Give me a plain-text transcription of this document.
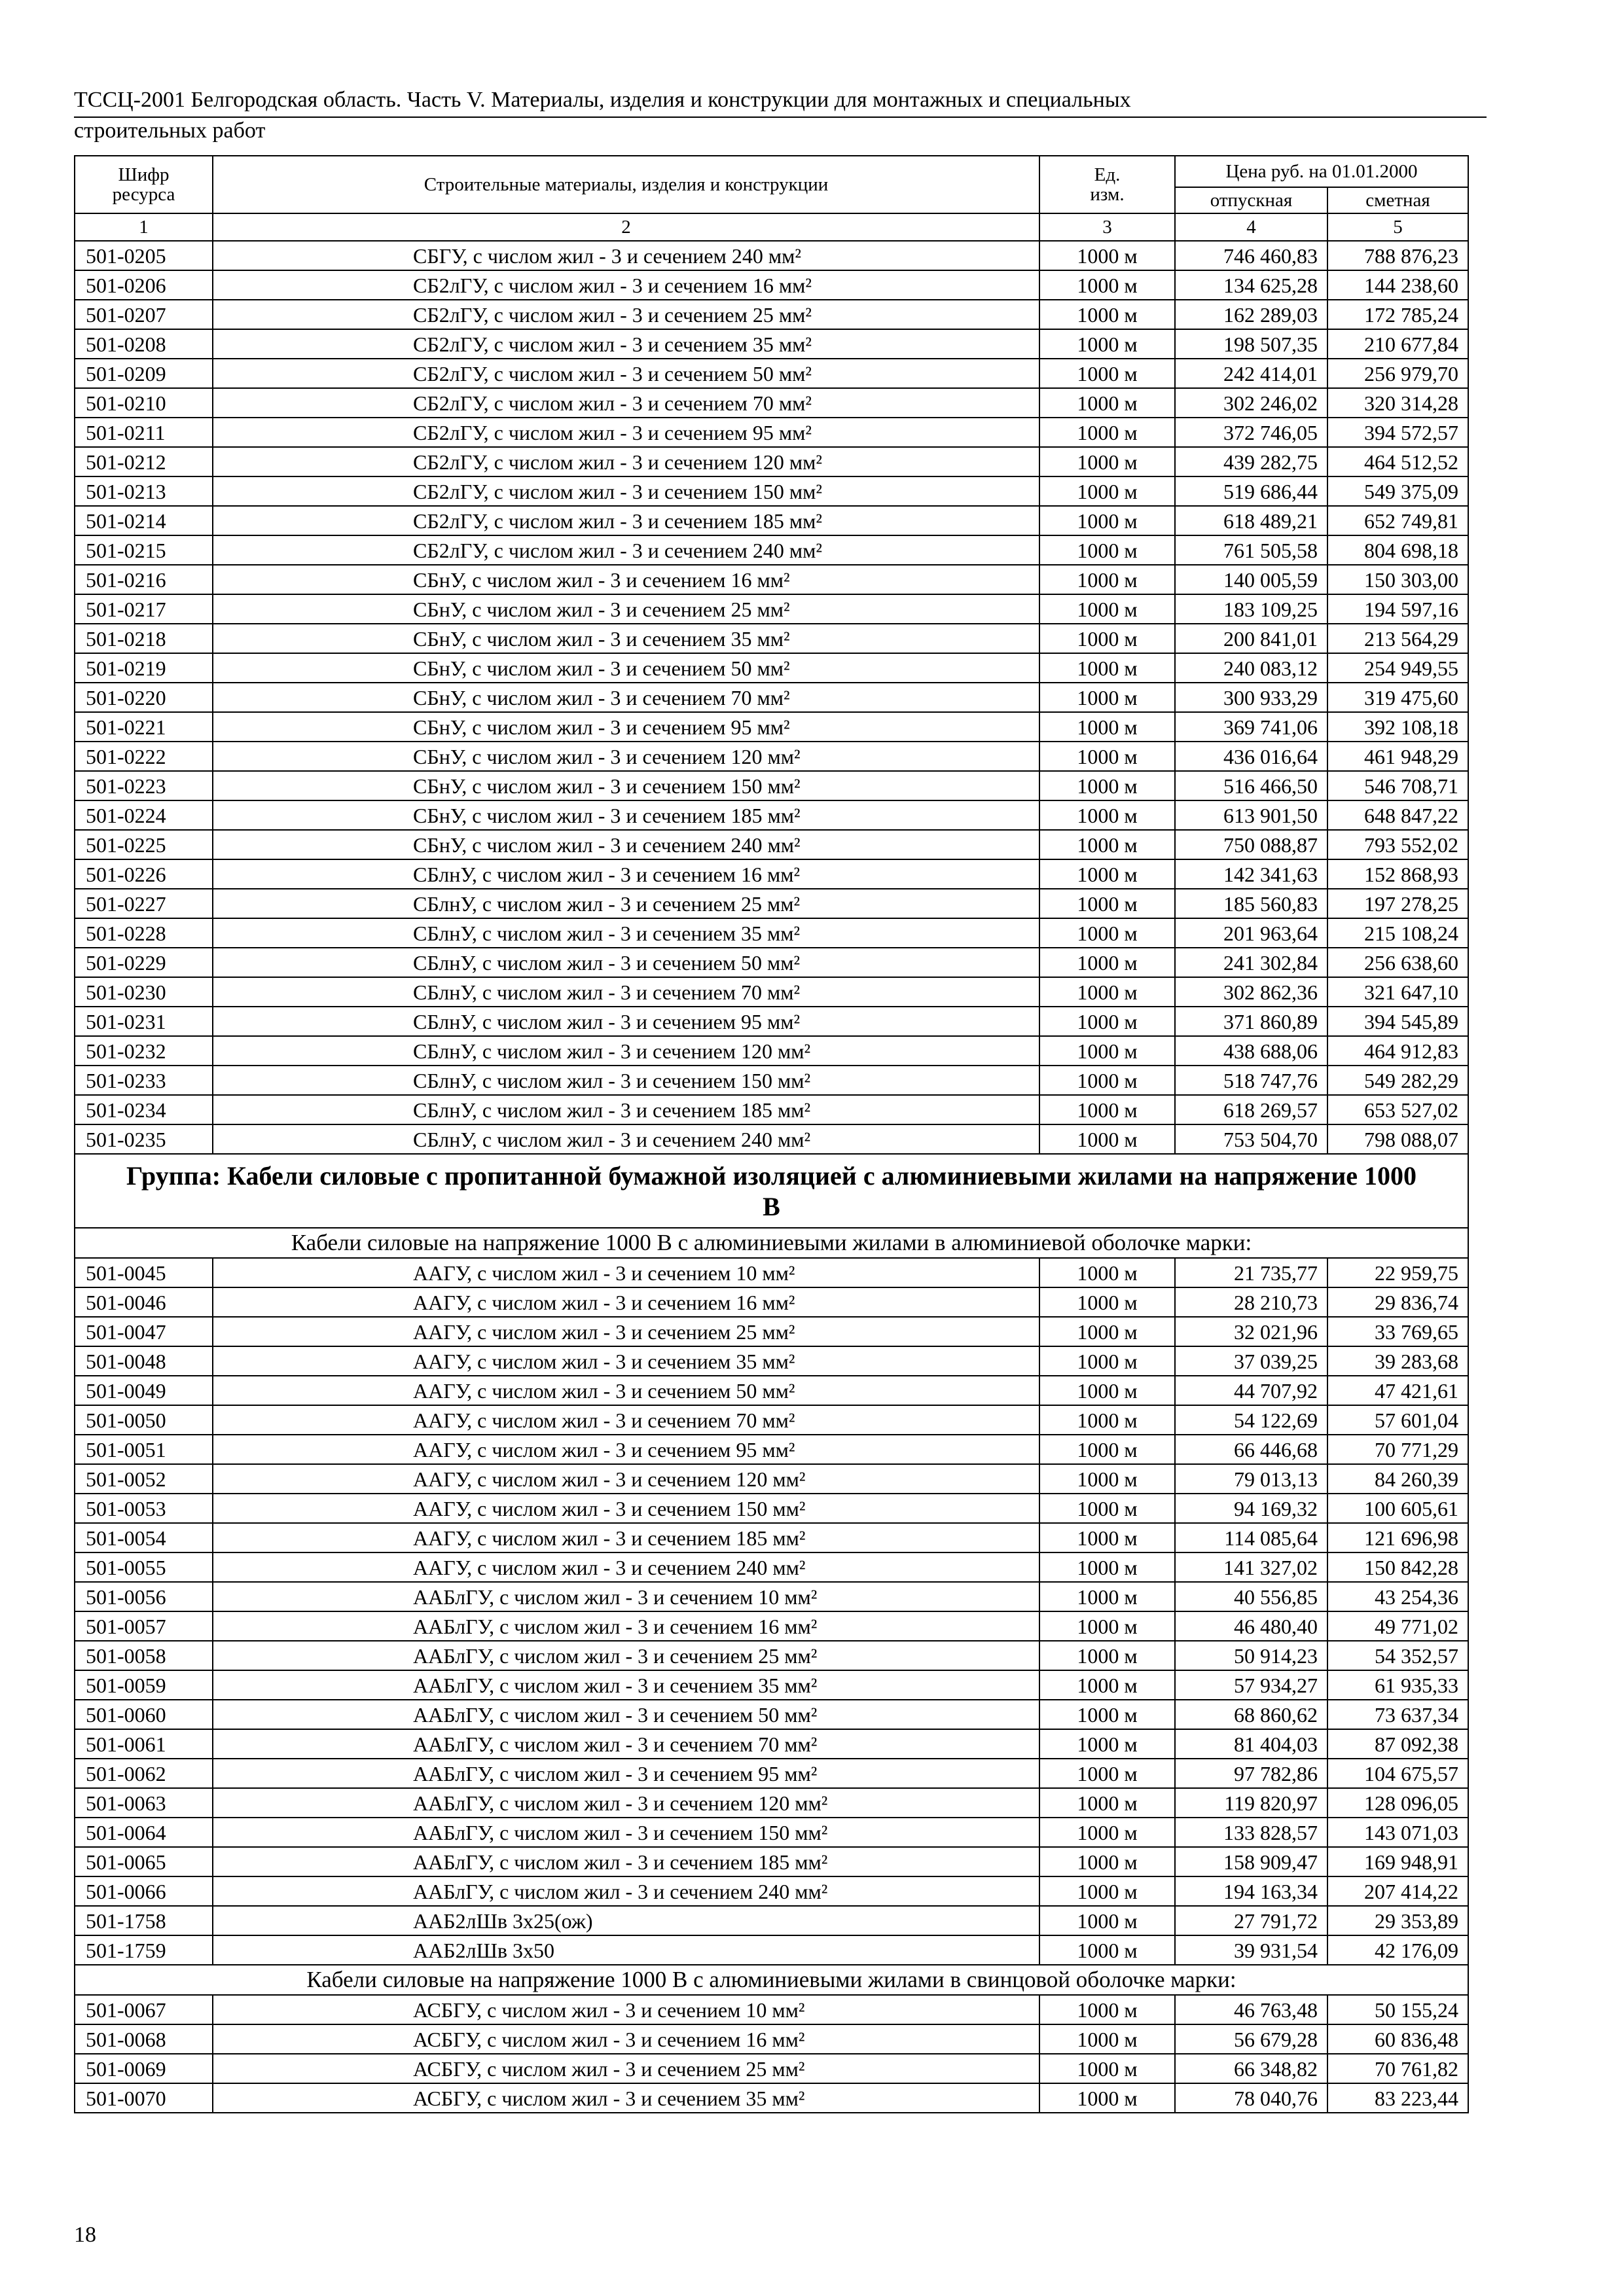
ТССЦ-2001 Белгородская область. Часть V. Материалы, изделия и конструкции для монтажных и специальных
строительных работ
Шифр ресурса	Строительные материалы, изделия и конструкции	Ед. изм.	Цена руб. на 01.01.2000	
			отпускная	сметная
1	2	3	4	5
501-0205	СБГУ, с числом жил - 3 и сечением 240 мм²	1000 м	746 460,83	788 876,23
501-0206	СБ2лГУ, с числом жил - 3 и сечением 16 мм²	1000 м	134 625,28	144 238,60
501-0207	СБ2лГУ, с числом жил - 3 и сечением 25 мм²	1000 м	162 289,03	172 785,24
501-0208	СБ2лГУ, с числом жил - 3 и сечением 35 мм²	1000 м	198 507,35	210 677,84
501-0209	СБ2лГУ, с числом жил - 3 и сечением 50 мм²	1000 м	242 414,01	256 979,70
501-0210	СБ2лГУ, с числом жил - 3 и сечением 70 мм²	1000 м	302 246,02	320 314,28
501-0211	СБ2лГУ, с числом жил - 3 и сечением 95 мм²	1000 м	372 746,05	394 572,57
501-0212	СБ2лГУ, с числом жил - 3 и сечением 120 мм²	1000 м	439 282,75	464 512,52
501-0213	СБ2лГУ, с числом жил - 3 и сечением 150 мм²	1000 м	519 686,44	549 375,09
501-0214	СБ2лГУ, с числом жил - 3 и сечением 185 мм²	1000 м	618 489,21	652 749,81
501-0215	СБ2лГУ, с числом жил - 3 и сечением 240 мм²	1000 м	761 505,58	804 698,18
501-0216	СБнУ, с числом жил - 3 и сечением 16 мм²	1000 м	140 005,59	150 303,00
501-0217	СБнУ, с числом жил - 3 и сечением 25 мм²	1000 м	183 109,25	194 597,16
501-0218	СБнУ, с числом жил - 3 и сечением 35 мм²	1000 м	200 841,01	213 564,29
501-0219	СБнУ, с числом жил - 3 и сечением 50 мм²	1000 м	240 083,12	254 949,55
501-0220	СБнУ, с числом жил - 3 и сечением 70 мм²	1000 м	300 933,29	319 475,60
501-0221	СБнУ, с числом жил - 3 и сечением 95 мм²	1000 м	369 741,06	392 108,18
501-0222	СБнУ, с числом жил - 3 и сечением 120 мм²	1000 м	436 016,64	461 948,29
501-0223	СБнУ, с числом жил - 3 и сечением 150 мм²	1000 м	516 466,50	546 708,71
501-0224	СБнУ, с числом жил - 3 и сечением 185 мм²	1000 м	613 901,50	648 847,22
501-0225	СБнУ, с числом жил - 3 и сечением 240 мм²	1000 м	750 088,87	793 552,02
501-0226	СБлнУ, с числом жил - 3 и сечением 16 мм²	1000 м	142 341,63	152 868,93
501-0227	СБлнУ, с числом жил - 3 и сечением 25 мм²	1000 м	185 560,83	197 278,25
501-0228	СБлнУ, с числом жил - 3 и сечением 35 мм²	1000 м	201 963,64	215 108,24
501-0229	СБлнУ, с числом жил - 3 и сечением 50 мм²	1000 м	241 302,84	256 638,60
501-0230	СБлнУ, с числом жил - 3 и сечением 70 мм²	1000 м	302 862,36	321 647,10
501-0231	СБлнУ, с числом жил - 3 и сечением 95 мм²	1000 м	371 860,89	394 545,89
501-0232	СБлнУ, с числом жил - 3 и сечением 120 мм²	1000 м	438 688,06	464 912,83
501-0233	СБлнУ, с числом жил - 3 и сечением 150 мм²	1000 м	518 747,76	549 282,29
501-0234	СБлнУ, с числом жил - 3 и сечением 185 мм²	1000 м	618 269,57	653 527,02
501-0235	СБлнУ, с числом жил - 3 и сечением 240 мм²	1000 м	753 504,70	798 088,07
Группа: Кабели силовые с пропитанной бумажной изоляцией с алюминиевыми жилами на напряжение 1000 В				
Кабели силовые на напряжение 1000 В с алюминиевыми жилами в алюминиевой оболочке марки:				
501-0045	ААГУ, с числом жил - 3 и сечением 10 мм²	1000 м	21 735,77	22 959,75
501-0046	ААГУ, с числом жил - 3 и сечением 16 мм²	1000 м	28 210,73	29 836,74
501-0047	ААГУ, с числом жил - 3 и сечением 25 мм²	1000 м	32 021,96	33 769,65
501-0048	ААГУ, с числом жил - 3 и сечением 35 мм²	1000 м	37 039,25	39 283,68
501-0049	ААГУ, с числом жил - 3 и сечением 50 мм²	1000 м	44 707,92	47 421,61
501-0050	ААГУ, с числом жил - 3 и сечением 70 мм²	1000 м	54 122,69	57 601,04
501-0051	ААГУ, с числом жил - 3 и сечением 95 мм²	1000 м	66 446,68	70 771,29
501-0052	ААГУ, с числом жил - 3 и сечением 120 мм²	1000 м	79 013,13	84 260,39
501-0053	ААГУ, с числом жил - 3 и сечением 150 мм²	1000 м	94 169,32	100 605,61
501-0054	ААГУ, с числом жил - 3 и сечением 185 мм²	1000 м	114 085,64	121 696,98
501-0055	ААГУ, с числом жил - 3 и сечением 240 мм²	1000 м	141 327,02	150 842,28
501-0056	ААБлГУ, с числом жил - 3 и сечением 10 мм²	1000 м	40 556,85	43 254,36
501-0057	ААБлГУ, с числом жил - 3 и сечением 16 мм²	1000 м	46 480,40	49 771,02
501-0058	ААБлГУ, с числом жил - 3 и сечением 25 мм²	1000 м	50 914,23	54 352,57
501-0059	ААБлГУ, с числом жил - 3 и сечением 35 мм²	1000 м	57 934,27	61 935,33
501-0060	ААБлГУ, с числом жил - 3 и сечением 50 мм²	1000 м	68 860,62	73 637,34
501-0061	ААБлГУ, с числом жил - 3 и сечением 70 мм²	1000 м	81 404,03	87 092,38
501-0062	ААБлГУ, с числом жил - 3 и сечением 95 мм²	1000 м	97 782,86	104 675,57
501-0063	ААБлГУ, с числом жил - 3 и сечением 120 мм²	1000 м	119 820,97	128 096,05
501-0064	ААБлГУ, с числом жил - 3 и сечением 150 мм²	1000 м	133 828,57	143 071,03
501-0065	ААБлГУ, с числом жил - 3 и сечением 185 мм²	1000 м	158 909,47	169 948,91
501-0066	ААБлГУ, с числом жил - 3 и сечением 240 мм²	1000 м	194 163,34	207 414,22
501-1758	ААБ2лШв 3х25(ож)	1000 м	27 791,72	29 353,89
501-1759	ААБ2лШв 3х50	1000 м	39 931,54	42 176,09
Кабели силовые на напряжение 1000 В с алюминиевыми жилами в свинцовой оболочке марки:				
501-0067	АСБГУ, с числом жил - 3 и сечением 10 мм²	1000 м	46 763,48	50 155,24
501-0068	АСБГУ, с числом жил - 3 и сечением 16 мм²	1000 м	56 679,28	60 836,48
501-0069	АСБГУ, с числом жил - 3 и сечением 25 мм²	1000 м	66 348,82	70 761,82
501-0070	АСБГУ, с числом жил - 3 и сечением 35 мм²	1000 м	78 040,76	83 223,44
18
